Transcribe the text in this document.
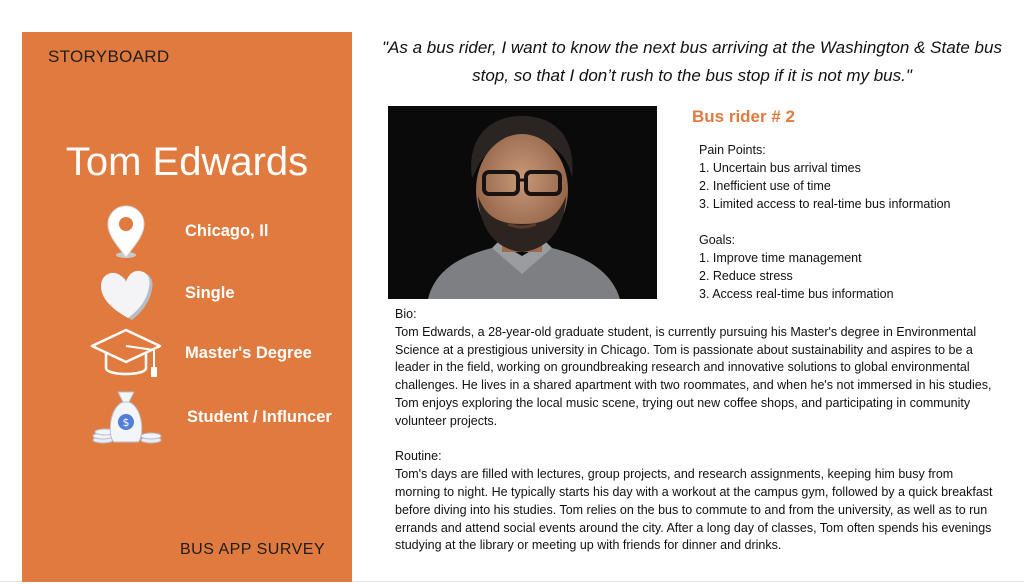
STORYBOARD
Tom Edwards
Chicago, Il
Single
Master's Degree
$	Student / Influncer
BUS APP SURVEY
"As a bus rider, I want to know the next bus arriving at the Washington & State bus stop, so that I don’t rush to the bus stop if it is not my bus."
Bus rider # 2
Pain Points:
1. Uncertain bus arrival times
2. Inefficient use of time
3. Limited access to real-time bus information
Goals:
1. Improve time management
2. Reduce stress
3. Access real-time bus information

Bio:

Tom Edwards, a 28-year-old graduate student, is currently pursuing his Master's degree in Environmental Science at a prestigious university in Chicago. Tom is passionate about sustainability and aspires to be a leader in the field, working on groundbreaking research and innovative solutions to global environmental challenges. He lives in a shared apartment with two roommates, and when he's not immersed in his studies, Tom enjoys exploring the local music scene, trying out new coffee shops, and participating in community volunteer projects.

Routine:

Tom's days are filled with lectures, group projects, and research assignments, keeping him busy from morning to night. He typically starts his day with a workout at the campus gym, followed by a quick breakfast before diving into his studies. Tom relies on the bus to commute to and from the university, as well as to run errands and attend social events around the city. After a long day of classes, Tom often spends his evenings studying at the library or meeting up with friends for dinner and drinks.
